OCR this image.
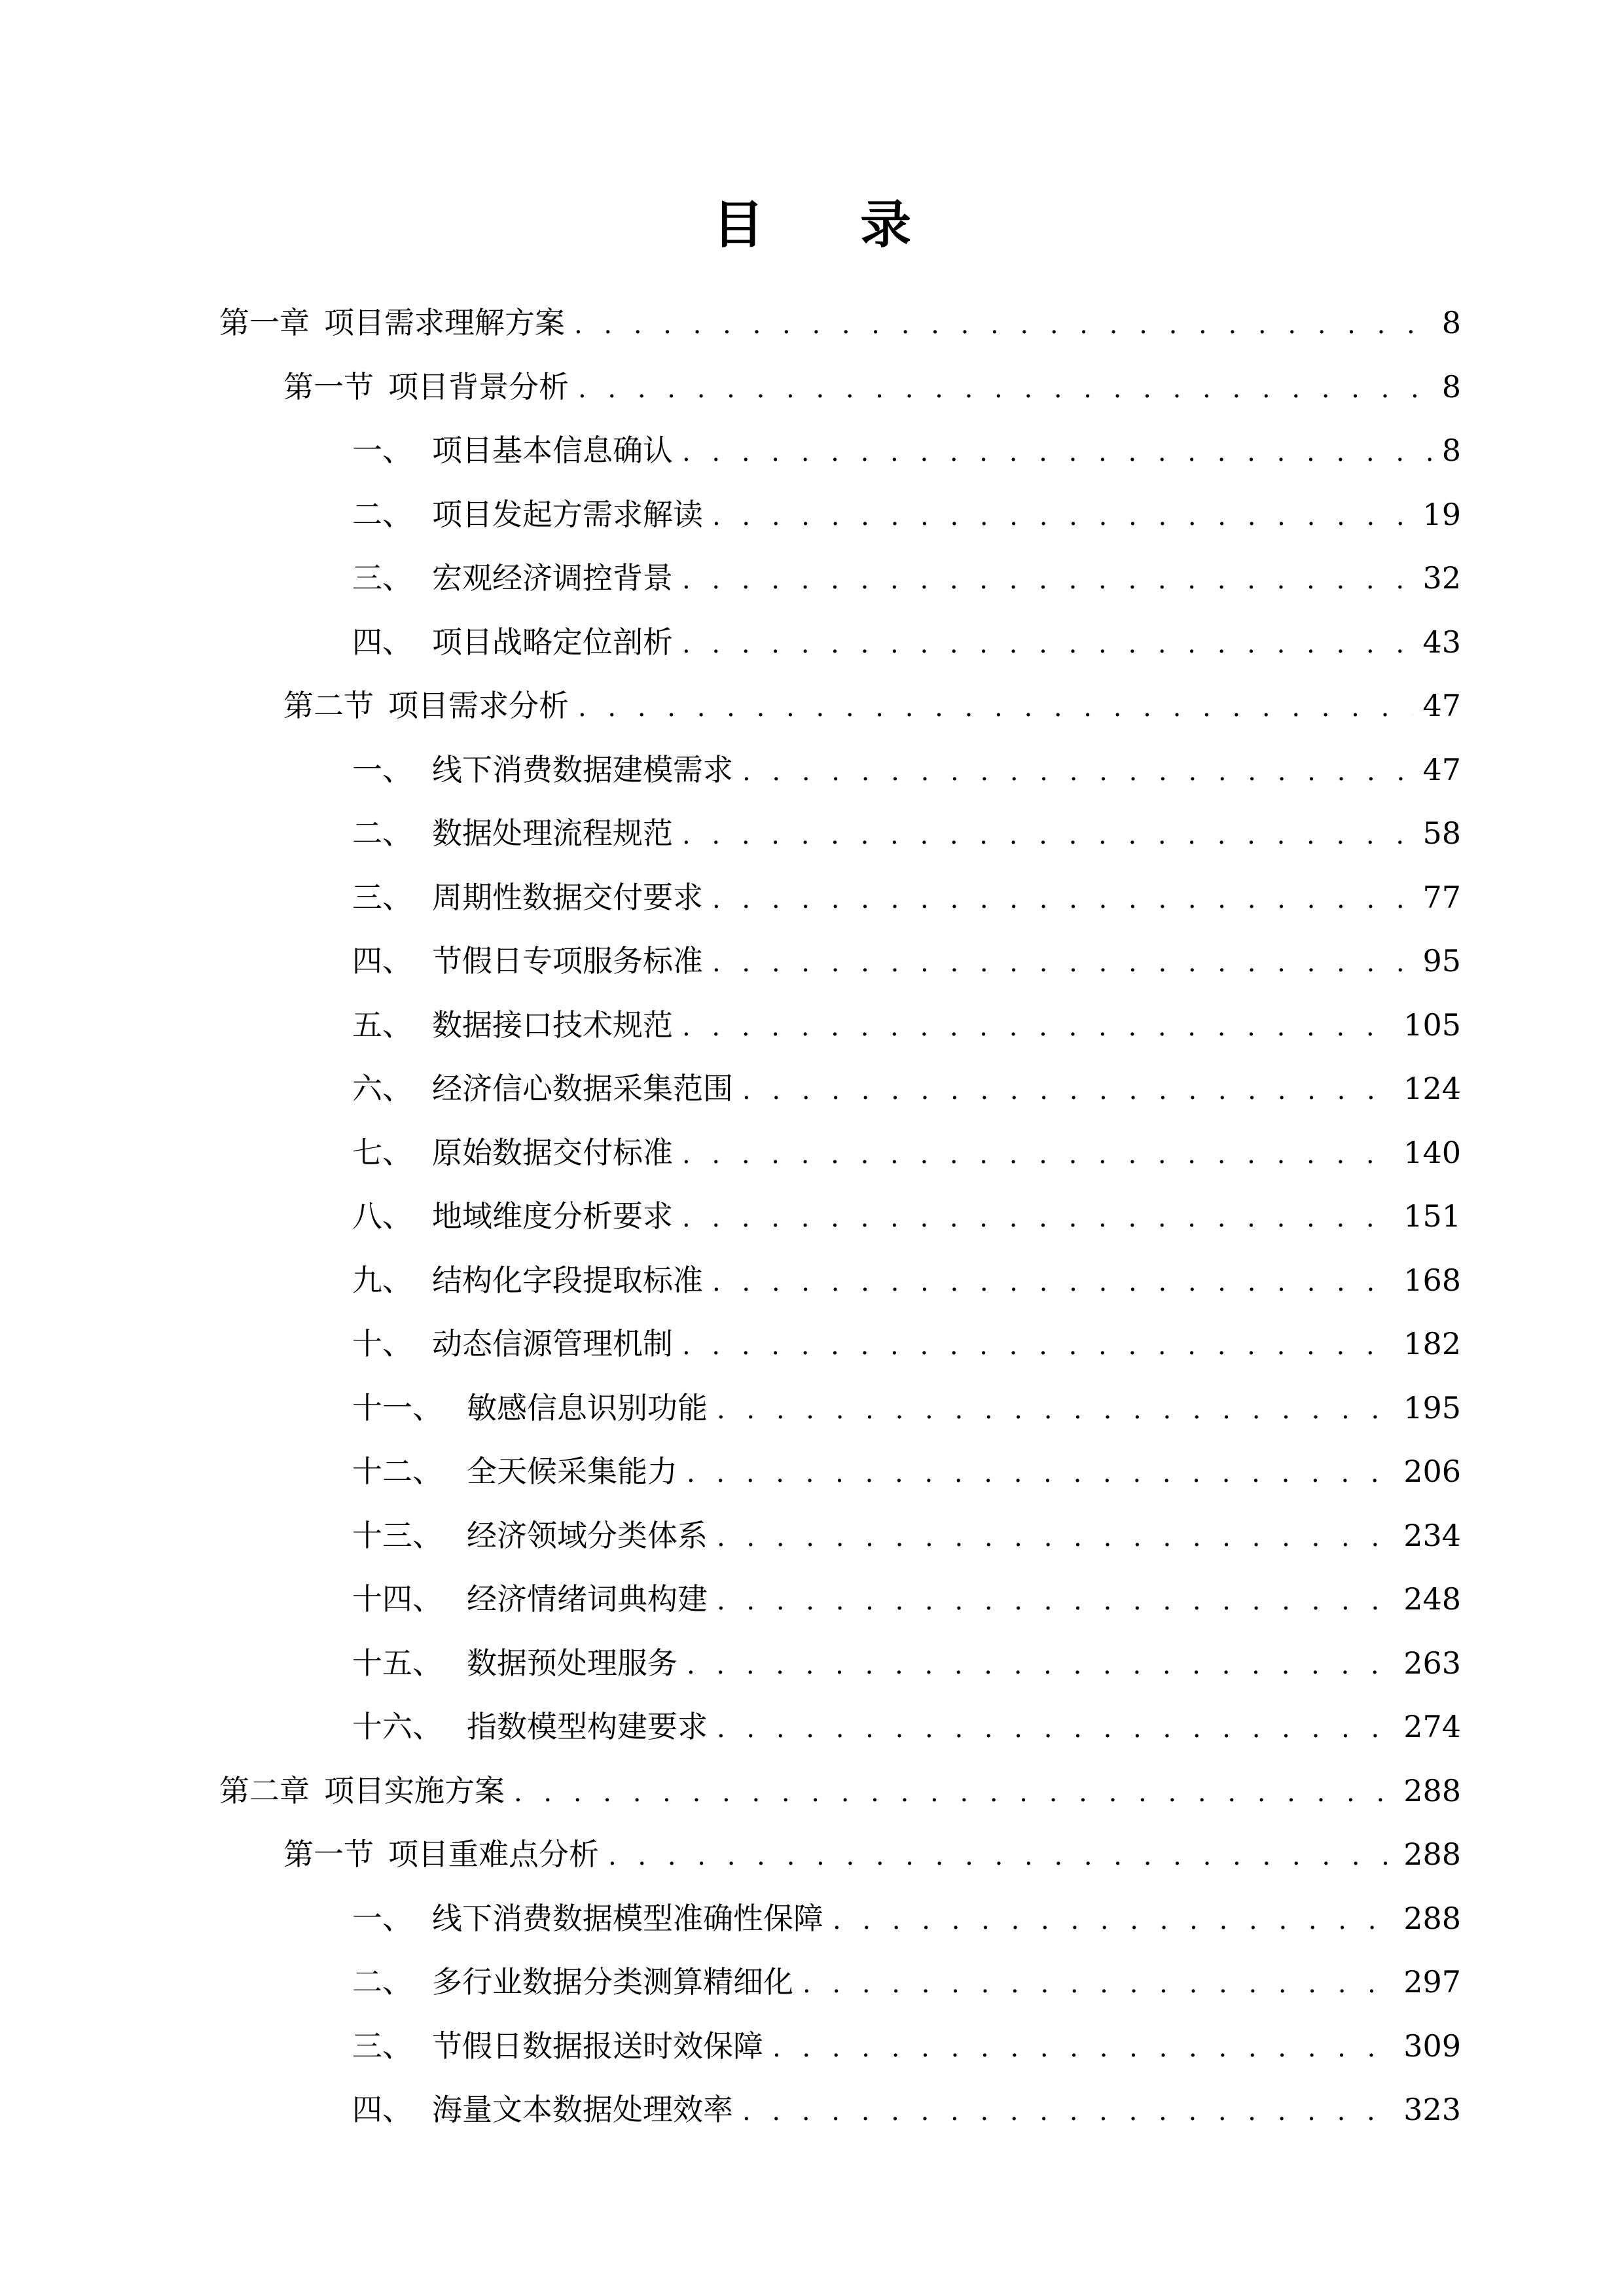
目 录
第一章 项目需求理解方案 . . .	8
第一节 项目背景分析 . . .	8
一、 项目基本信息确认 . . .	8
二、 项目发起方需求解读 . . .	19
三、 宏观经济调控背景 . . .	32
四、 项目战略定位剖析 . . .	43
第二节 项目需求分析 . . .	47
一、 线下消费数据建模需求 . . .	47
二、 数据处理流程规范 . . .	58
三、 周期性数据交付要求 . . .	77
四、 节假日专项服务标准 . . .	95
五、 数据接口技术规范 . . .	105
六、 经济信心数据采集范围 . . .	124
七、 原始数据交付标准 . . .	140
八、 地域维度分析要求 . . .	151
九、 结构化字段提取标准 . . .	168
十、 动态信源管理机制 . . .	182
十一、 敏感信息识别功能 . . .	195
十二、 全天候采集能力 . . .	206
十三、 经济领域分类体系 . . .	234
十四、 经济情绪词典构建 . . .	248
十五、 数据预处理服务 . . .	263
十六、 指数模型构建要求 . . .	274
第二章 项目实施方案 . . .	288
第一节 项目重难点分析 . . .	288
一、 线下消费数据模型准确性保障 . . .	288
二、 多行业数据分类测算精细化 . . .	297
三、 节假日数据报送时效保障 . . .	309
四、 海量文本数据处理效率 . . .	323
